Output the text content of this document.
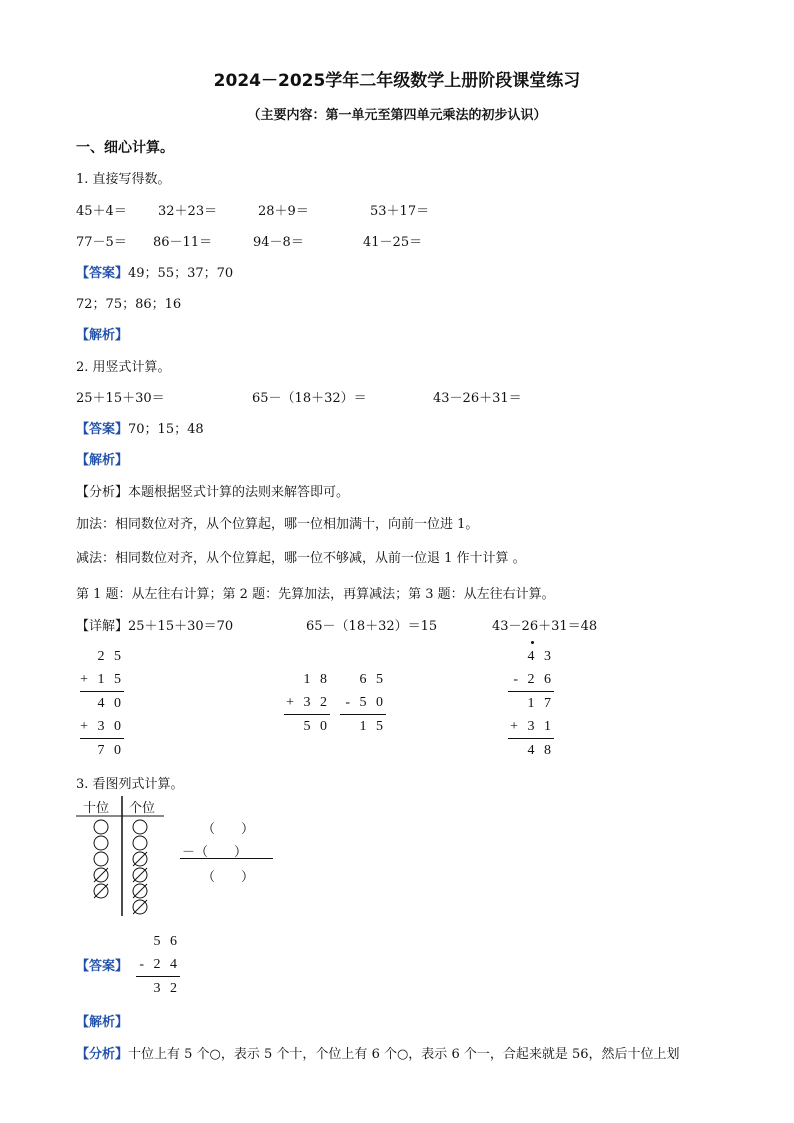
2024－2025学年二年级数学上册阶段课堂练习
（主要内容：第一单元至第四单元乘法的初步认识）
一、细心计算。
1. 直接写得数。
45＋4＝ 32＋23＝	28＋9＝	53＋17＝
77－5＝ 86－11＝	94－8＝	41－25＝
【答案】49；55；37；70
72；75；86；16
【解析】
2. 用竖式计算。
25＋15＋30＝	65－（18＋32）＝	43－26＋31＝
【答案】70；15；48
【解析】
【分析】本题根据竖式计算的法则来解答即可。
加法：相同数位对齐，从个位算起，哪一位相加满十，向前一位进 1。
减法：相同数位对齐，从个位算起，哪一位不够减，从前一位退 1 作十计算 。
第 1 题：从左往右计算；第 2 题：先算加法，再算减法；第 3 题：从左往右计算。
【详解】25＋15＋30＝70	65－（18＋32）＝15	43－26＋31＝48
2 5
+ 1 5
4 0
+ 3 0
7 0
1 8
+ 3 2
5 0
6 5
- 5 0
1 5
4 3
- 2 6
1 7
+ 3 1
4 8
3. 看图列式计算。
十位 个位
（　　）
－（　　）
（　　）
【答案】
5 6
- 2 4
3 2
【解析】
【分析】十位上有 5 个○，表示 5 个十，个位上有 6 个○，表示 6 个一，合起来就是 56，然后十位上划
